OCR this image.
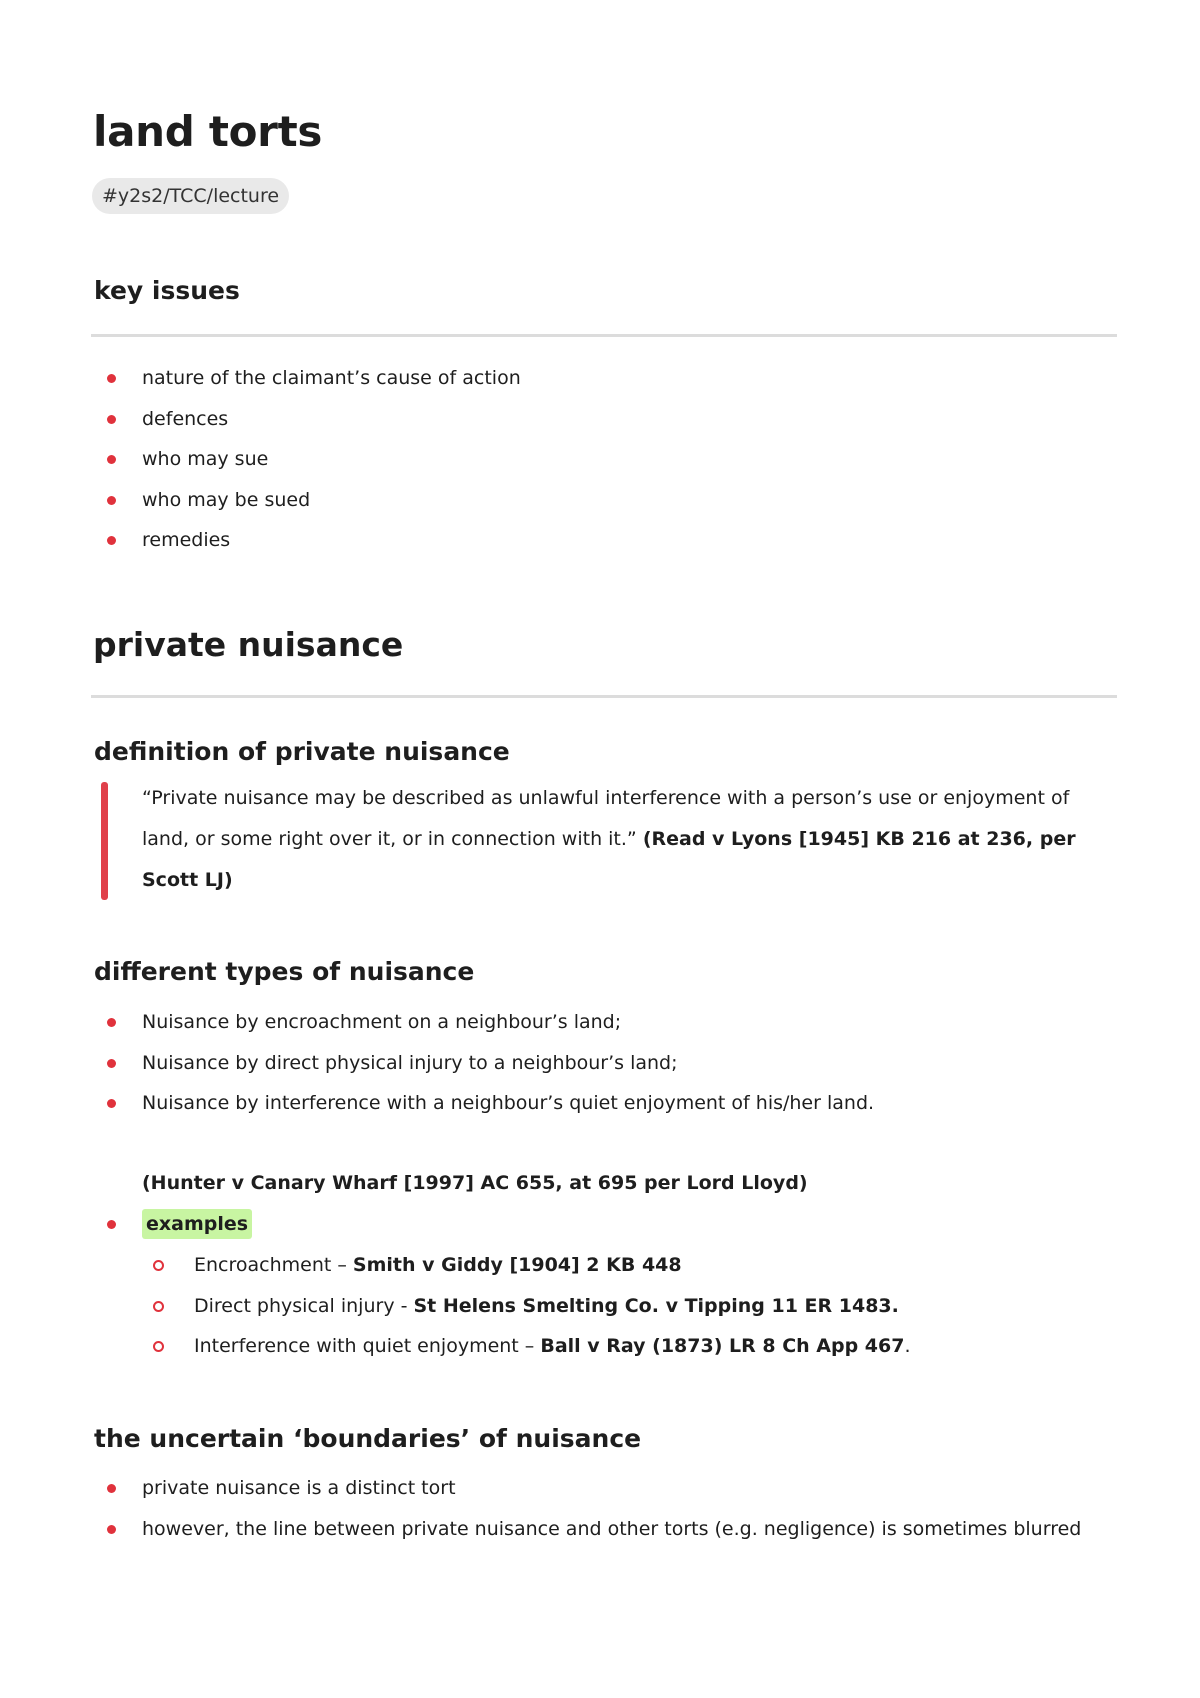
land torts
#y2s2/TCC/lecture
key issues
nature of the claimant’s cause of action
defences
who may sue
who may be sued
remedies
private nuisance
definition of private nuisance

“Private nuisance may be described as unlawful interference with a person’s use or enjoyment of land, or some right over it, or in connection with it.” (Read v Lyons [1945] KB 216 at 236, per Scott LJ)

different types of nuisance
Nuisance by encroachment on a neighbour’s land;
Nuisance by direct physical injury to a neighbour’s land;
Nuisance by interference with a neighbour’s quiet enjoyment of his/her land.
(Hunter v Canary Wharf [1997] AC 655, at 695 per Lord Lloyd)
examples
Encroachment – Smith v Giddy [1904] 2 KB 448
Direct physical injury - St Helens Smelting Co. v Tipping 11 ER 1483.
Interference with quiet enjoyment – Ball v Ray (1873) LR 8 Ch App 467.
the uncertain ‘boundaries’ of nuisance
private nuisance is a distinct tort
however, the line between private nuisance and other torts (e.g. negligence) is sometimes blurred
